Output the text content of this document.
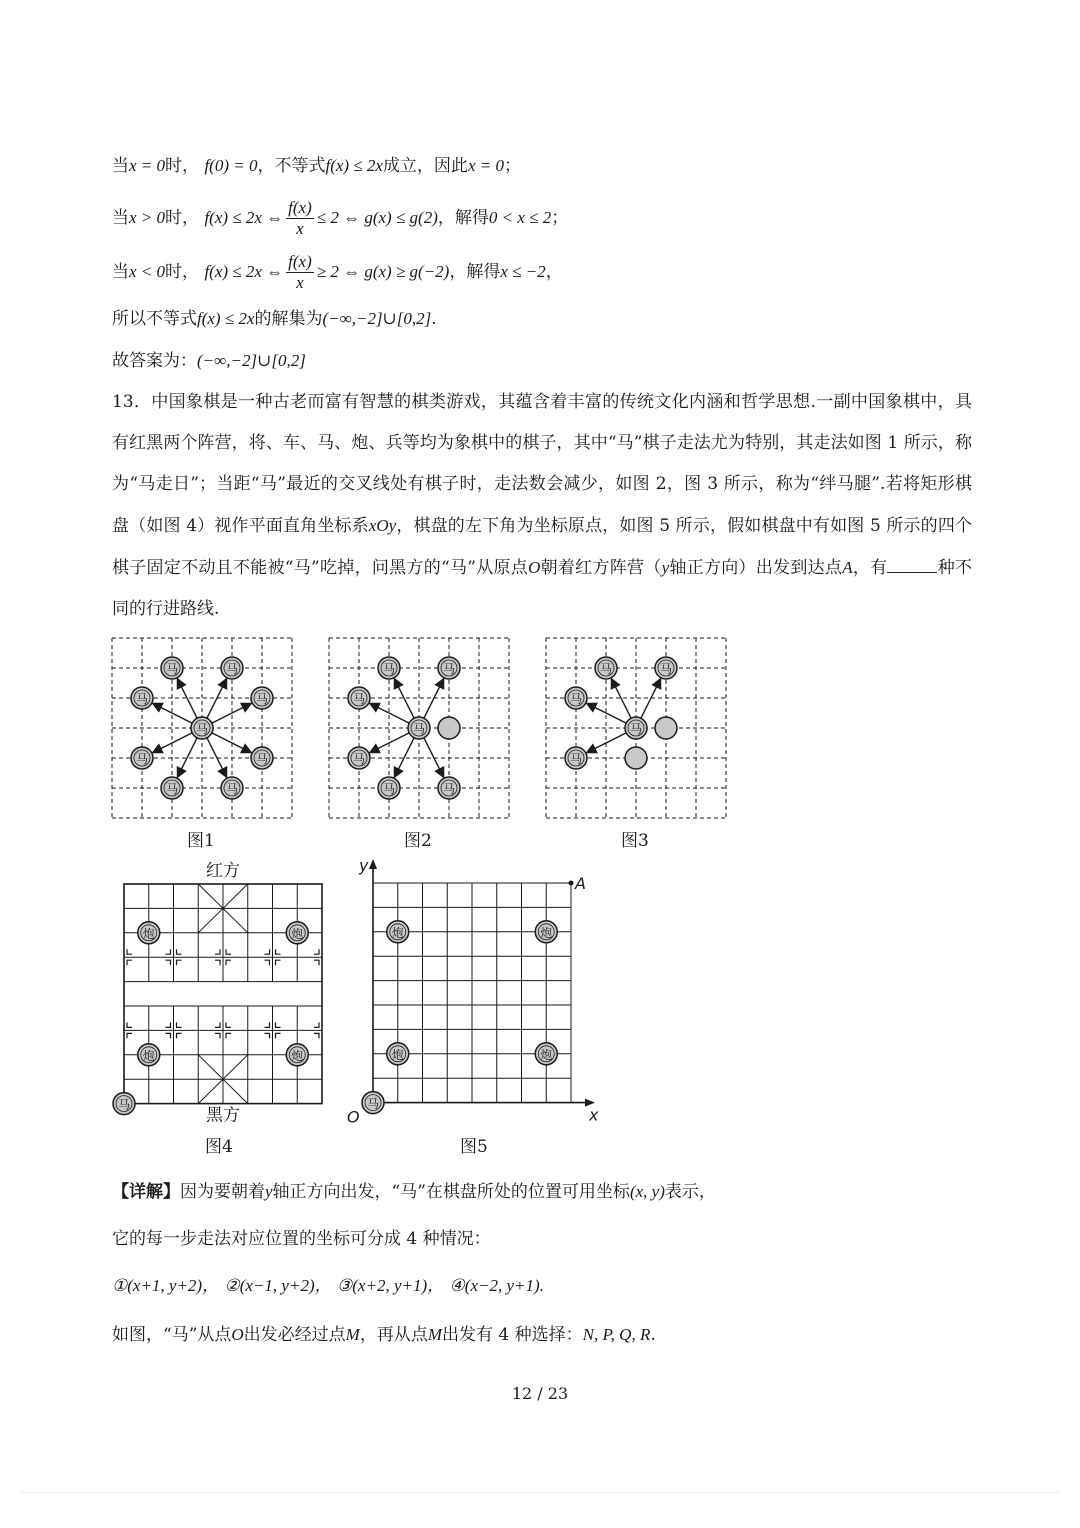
当x = 0时， f(0) = 0，不等式f(x) ≤ 2x成立，因此x = 0；
当x > 0时， f(x) ≤ 2x ⇔ $\frac{f(x)}{x} \le 2$ ⇔ g(x) ≤ g(2)，解得0 < x ≤ 2；
当x < 0时， f(x) ≤ 2x ⇔ $\frac{f(x)}{x} \ge 2$ ⇔ g(x) ≥ g(−2)，解得x ≤ −2，
所以不等式f(x) ≤ 2x的解集为(−∞,−2]∪[0,2].
故答案为：(−∞,−2]∪[0,2]
13．中国象棋是一种古老而富有智慧的棋类游戏，其蕴含着丰富的传统文化内涵和哲学思想.一副中国象棋中，具有红黑两个阵营，将、车、马、炮、兵等均为象棋中的棋子，其中“马”棋子走法尤为特别，其走法如图 1 所示，称为“马走日”；当距“马”最近的交叉线处有棋子时，走法数会减少，如图 2，图 3 所示，称为“绊马腿”.若将矩形棋盘（如图 4）视作平面直角坐标系xOy，棋盘的左下角为坐标原点，如图 5 所示，假如棋盘中有如图 5 所示的四个棋子固定不动且不能被“马”吃掉，问黑方的“马”从原点O朝着红方阵营（y轴正方向）出发到达点A，有	种不同的行进路线.
马	马
马
马
马
马
马
马
马
马	马
马
马
马
马
马
马	马
马
马
马
图1	图2	图3
炮	炮
炮	炮
马
红方
黑方
图4
A
x
y
O
炮	炮
炮	炮
马
图5
【详解】因为要朝着y轴正方向出发，“马”在棋盘所处的位置可用坐标(x, y)表示，
它的每一步走法对应位置的坐标可分成 4 种情况：
①(x+1, y+2)， ②(x−1, y+2)， ③(x+2, y+1)， ④(x−2, y+1).
如图，“马”从点O出发必经过点M，再从点M出发有 4 种选择：N, P, Q, R.
12 / 23
